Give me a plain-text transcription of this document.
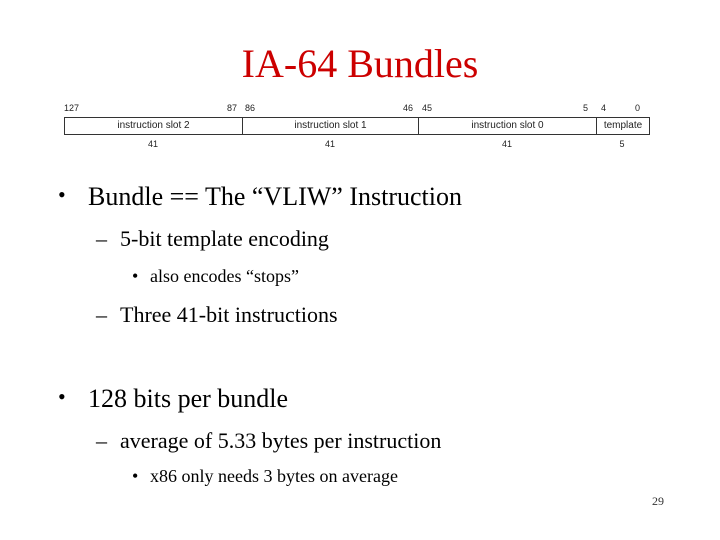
IA-64 Bundles
127	87 86	46 45	5 4	0
instruction slot 2	instruction slot 1	instruction slot 0	template
41	41	41	5
• Bundle == The “VLIW” Instruction
– 5-bit template encoding
• also encodes “stops”
– Three 41-bit instructions
• 128 bits per bundle
– average of 5.33 bytes per instruction
• x86 only needs 3 bytes on average
29
